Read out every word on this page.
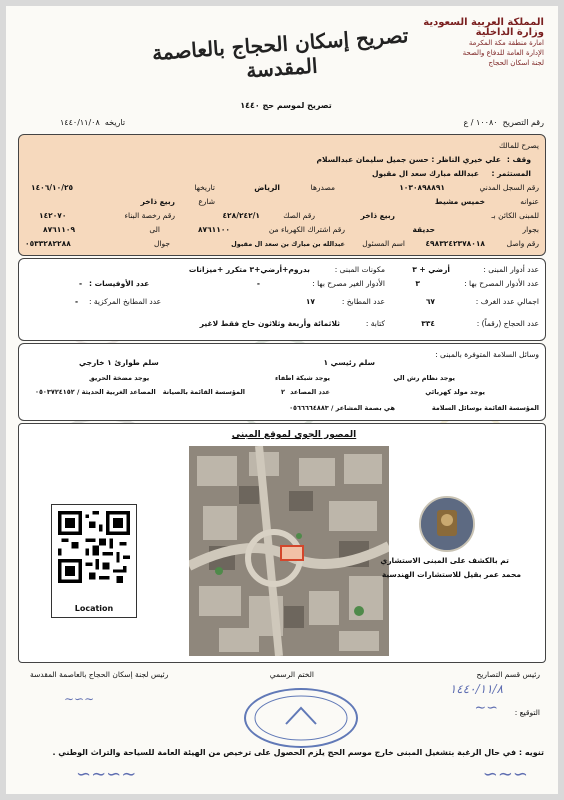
المملكة العربية السعودية
وزارة الداخلية
امارة منطقة مكة المكرمة
الإدارة العامة للدفاع والصحة
لجنة اسكان الحجاج
تصريح إسكان الحجاج بالعاصمة المقدسة
تصريح لموسم حج ١٤٤٠
رقم التصريح  ١٠٠٨٠ / ع
تاريخه  ١٤٤٠/١١/٠٨
يصرح للمالك
وقف :
علي خيري الناظر : حسن جميل سليمان عبدالسلام
المستثمر :
عبدالله مبارك سعد ال مقبول
رقم السجل المدني
١٠٣٠٨٩٨٨٩١
مصدرها
الرياض
تاريخها
١٤٠٦/١٠/٢٥
عنوانه
خميس مشيط
شارع
ربيع ذاخر
للمبنى الكائن بـ
ربيع ذاخر
رقم الصك
٤٢٨/٢٤٢/١
رقم رخصة البناء
١٤٢٠٧٠
بجوار
حديقة
رقم اشتراك الكهرباء من
٨٧٦١١٠٠
الى
٨٧٦١١٠٩
رقم واصل
٤٩٨٣٢٤٢٣٧٨٠١٨
اسم المسئول
عبدالله بن مبارك بن سعد ال مقبول
جوال
٠٥٣٣٢٨٢٢٨٨
عدد أدوار المبنى :
أرضي + ٣
مكونات المبنى :
بدروم+أرضي+٣ متكرر +ميزانات
عدد الأدوار المصرح بها :
٣
الأدوار الغير مصرح بها :
-
عدد الأوفيسات :
-
اجمالي عدد الغرف :
٦٧
عدد المطابخ :
١٧
عدد المطابخ المركزية :
-
عدد الحجاج (رقماً) :
٣٣٤
كتابة :
ثلاثمائة وأربعة وثلاثون حاج فقط لاغير
وسائل السلامة المتوفرة بالمبنى :
سلم رئيسي ١
سلم طوارئ ١ خارجي
يوجد نظام رش الي
يوجد شبكة اطفاء
يوجد مضخة الحريق
يوجد مولد كهربائي
عدد المصاعد
٢
المؤسسة القائمة بالصيانة
المصاعد الغربية الحديثة / ٠٥٠٣٧٢٤١٥٢
المؤسسة القائمة بوسائل السلامة
هي بصمة المشاعر / ٠٥٦٦٦٦٤٨٨٣
المصور الجوي لموقع المبنى
Location
تم بالكشف على المبنى الاستشاري
محمد عمر بقيل للاستشارات الهندسية
رئيس قسم التصاريح
الختم الرسمي
رئيس لجنة إسكان الحجاج بالعاصمة المقدسة
التوقيع :
١٤٤٠/١١/٨
∼∽
∽∼∽
تنويه : في حال الرغبة بتشغيل المبنى خارج موسم الحج يلزم الحصول على ترخيص من الهيئة العامة للسياحة والتراث الوطني .
∼∽∼
∽∼∽∼
